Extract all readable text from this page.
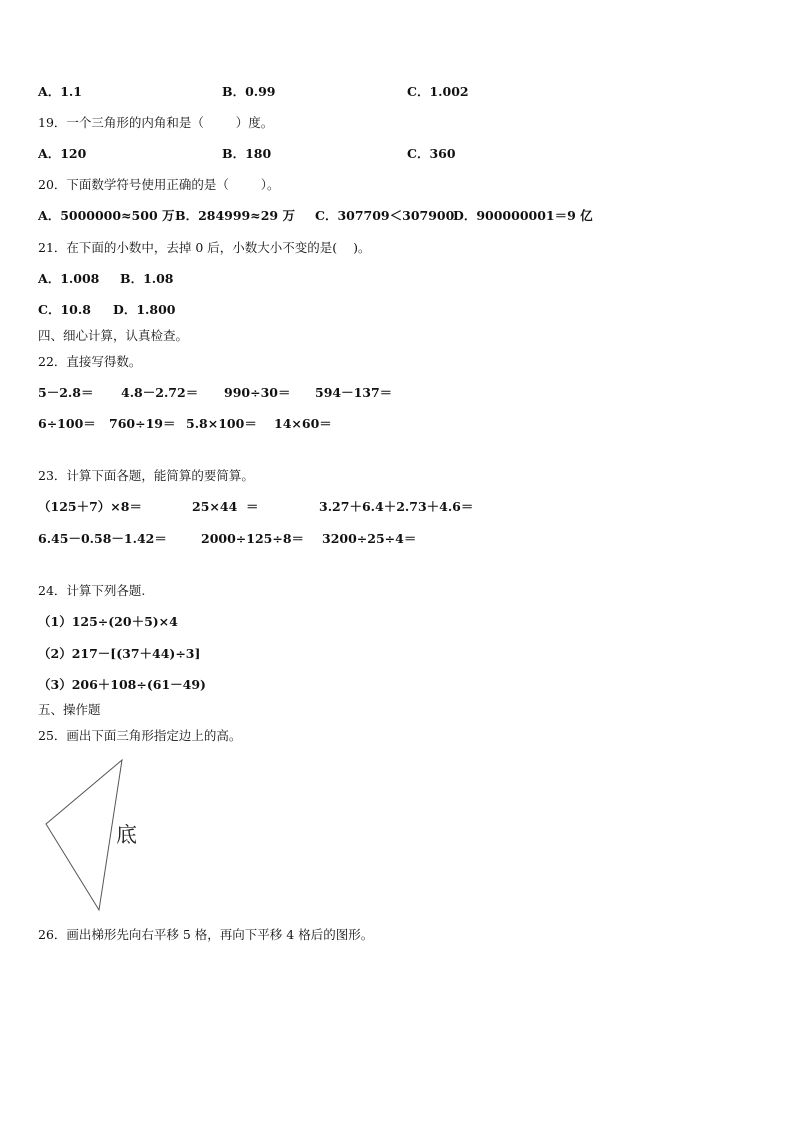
A．1.1	B．0.99	C．1.002
19．一个三角形的内角和是（        ）度。
A．120	B．180	C．360
20．下面数学符号使用正确的是（        ）。
A．5000000≈500 万 B．284999≈29 万 C．307709＜307900
D．900000001＝9 亿
21．在下面的小数中，去掉 0 后，小数大小不变的是(    )。
A．1.008 B．1.08
C．10.8 D．1.800
四、细心计算，认真检查。
22．直接写得数。
5－2.8＝ 4.8－2.72＝ 990÷30＝ 594－137＝
6÷100＝ 760÷19＝ 5.8×100＝ 14×60＝
23．计算下面各题，能简算的要简算。
（125＋7）×8＝	25×44  ＝	3.27＋6.4＋2.73＋4.6＝
6.45－0.58－1.42＝	2000÷125÷8＝ 3200÷25÷4＝
24．计算下列各题.
（1）125÷(20＋5)×4
（2）217－[(37＋44)÷3]
（3）206＋108÷(61－49)
五、操作题
25．画出下面三角形指定边上的高。
底
26．画出梯形先向右平移 5 格，再向下平移 4 格后的图形。
